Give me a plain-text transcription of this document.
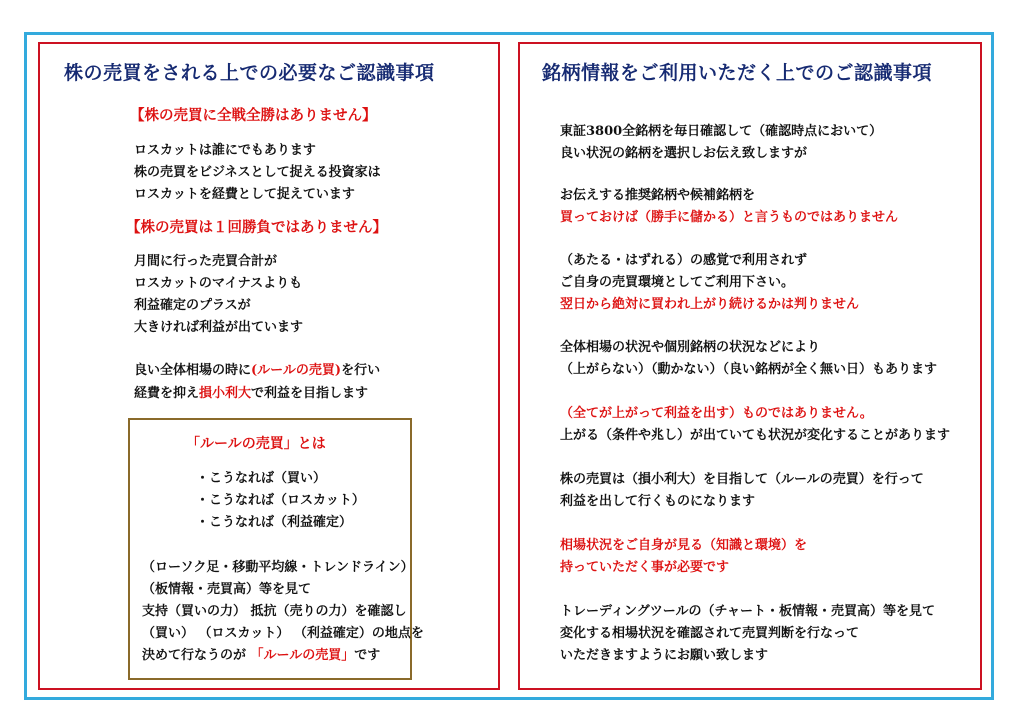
株の売買をされる上での必要なご認識事項
【株の売買に全戦全勝はありません】
ロスカットは誰にでもあります
株の売買をビジネスとして捉える投資家は
ロスカットを経費として捉えています
【株の売買は１回勝負ではありません】
月間に行った売買合計が
ロスカットのマイナスよりも
利益確定のプラスが
大きければ利益が出ています
良い全体相場の時に(ルールの売買)を行い
経費を抑え損小利大で利益を目指します
「ルールの売買」とは
・こうなれば（買い）
・こうなれば（ロスカット）
・こうなれば（利益確定）
（ローソク足・移動平均線・トレンドライン）
（板情報・売買高）等を見て
支持（買いの力） 抵抗（売りの力）を確認し
（買い） （ロスカット） （利益確定）の地点を
決めて行なうのが 「ルールの売買」です
銘柄情報をご利用いただく上でのご認識事項
東証3800全銘柄を毎日確認して（確認時点において）
良い状況の銘柄を選択しお伝え致しますが
お伝えする推奨銘柄や候補銘柄を
買っておけば（勝手に儲かる）と言うものではありません
（あたる・はずれる）の感覚で利用されず
ご自身の売買環境としてご利用下さい。
翌日から絶対に買われ上がり続けるかは判りません
全体相場の状況や個別銘柄の状況などにより
（上がらない）（動かない）（良い銘柄が全く無い日）もあります
（全てが上がって利益を出す）ものではありません。
上がる（条件や兆し）が出ていても状況が変化することがあります
株の売買は（損小利大）を目指して（ルールの売買）を行って
利益を出して行くものになります
相場状況をご自身が見る（知識と環境）を
持っていただく事が必要です
トレーディングツールの（チャート・板情報・売買高）等を見て
変化する相場状況を確認されて売買判断を行なって
いただきますようにお願い致します
